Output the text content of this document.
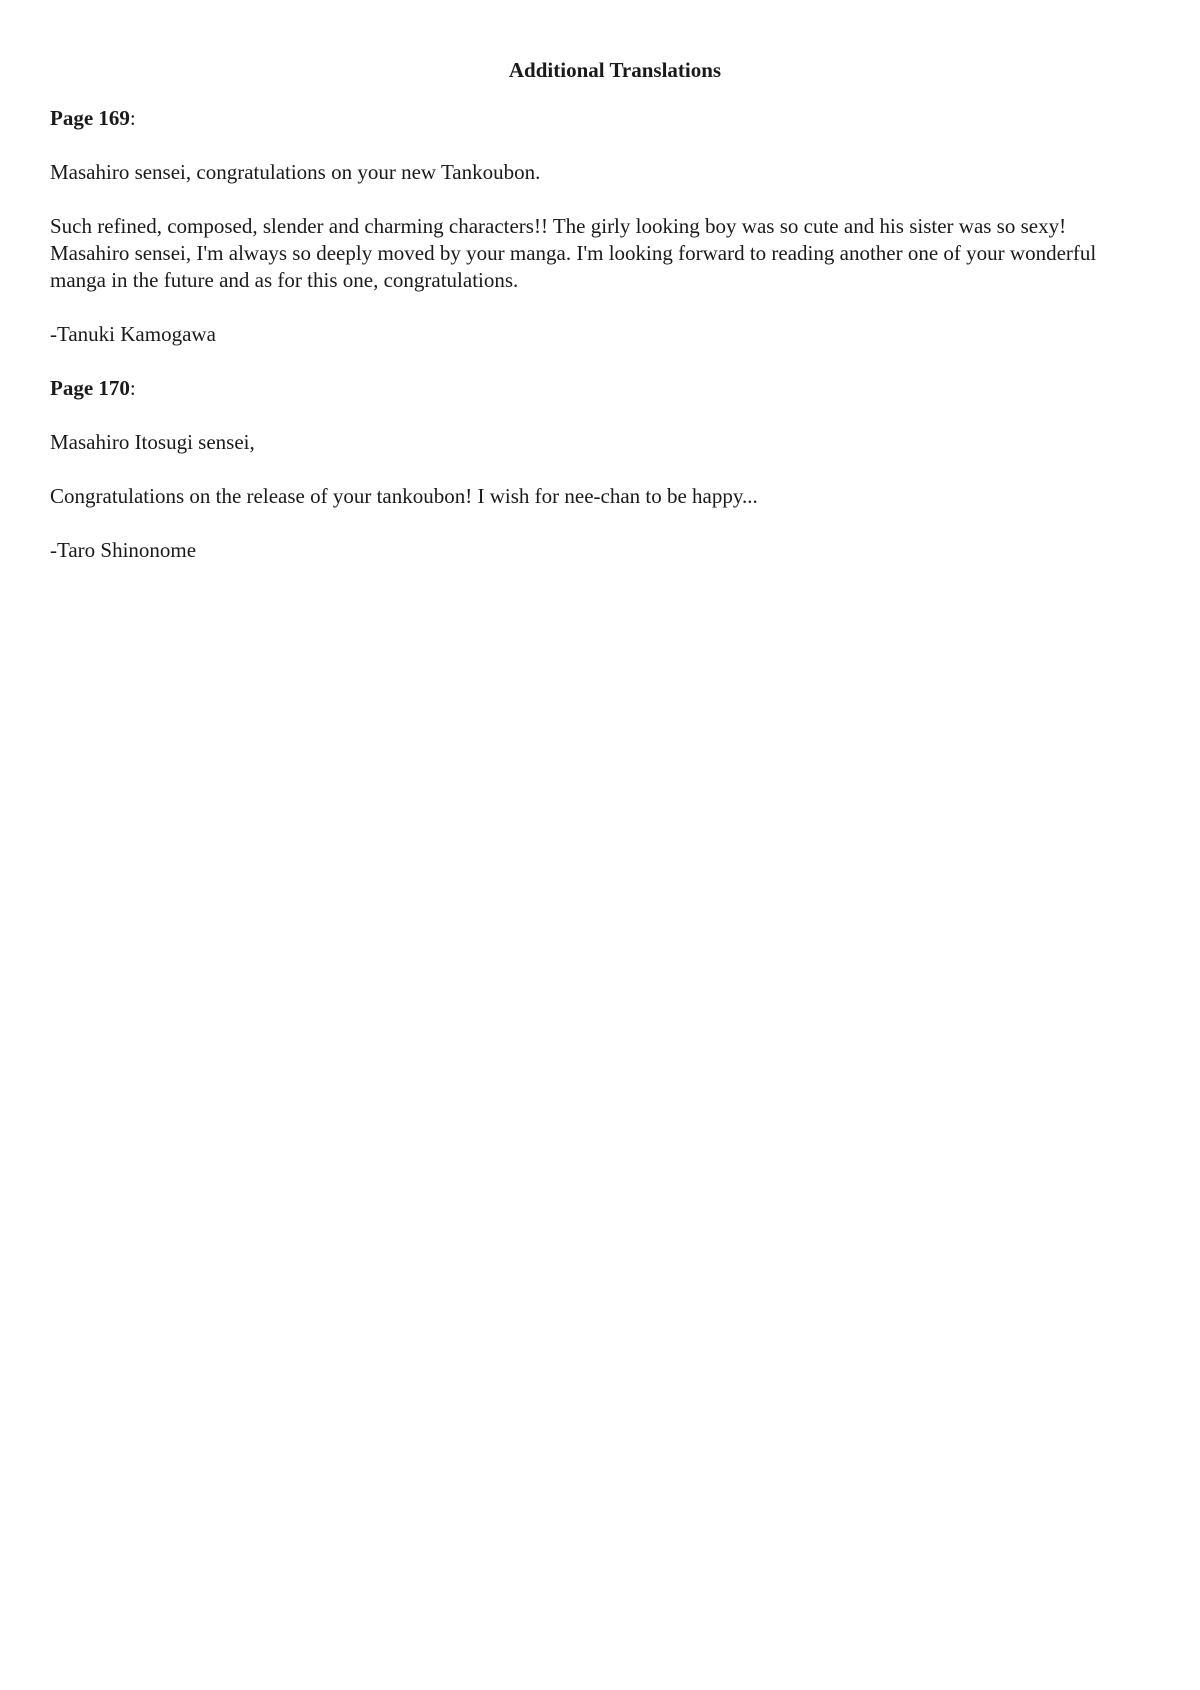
Additional Translations

Page 169:

Masahiro sensei, congratulations on your new Tankoubon.

Such refined, composed, slender and charming characters!! The girly looking boy was so cute and his sister was so sexy! Masahiro sensei, I'm always so deeply moved by your manga. I'm looking forward to reading another one of your wonderful manga in the future and as for this one, congratulations.

-Tanuki Kamogawa

Page 170:

Masahiro Itosugi sensei,

Congratulations on the release of your tankoubon! I wish for nee-chan to be happy...

-Taro Shinonome
